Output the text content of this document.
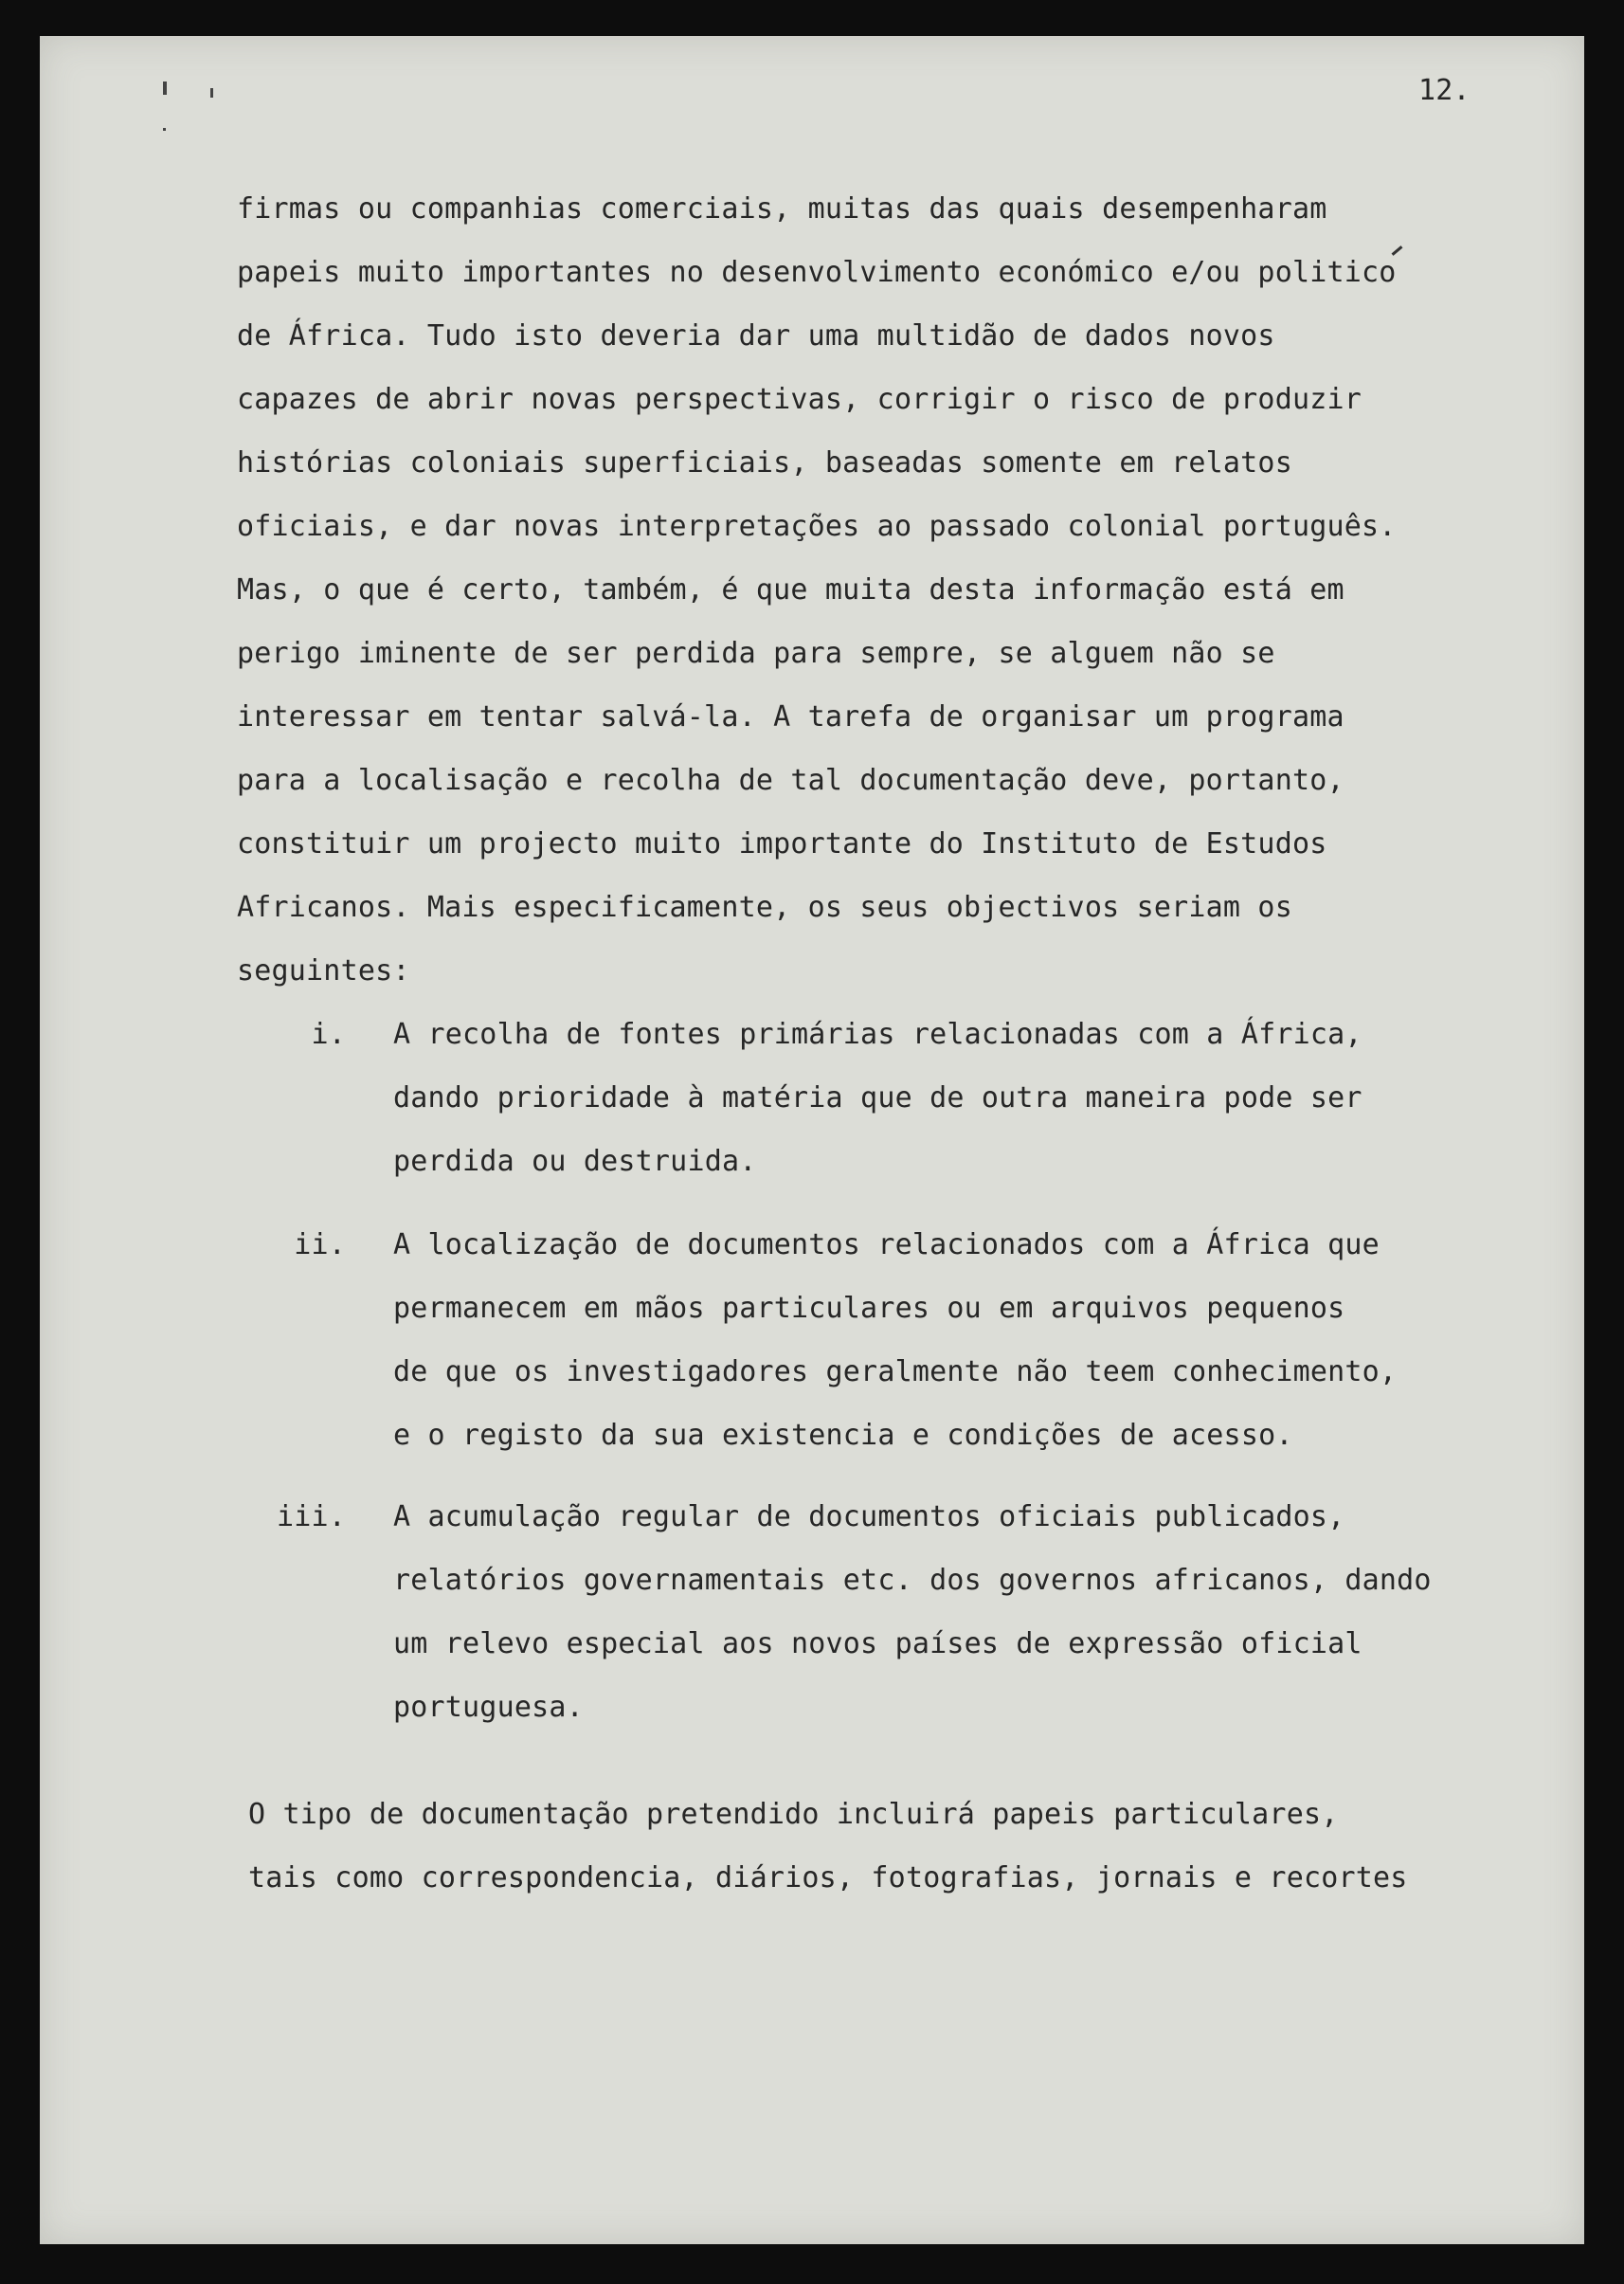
12.
firmas ou companhias comerciais, muitas das quais desempenharam
papeis muito importantes no desenvolvimento económico e/ou politico
de África. Tudo isto deveria dar uma multidão de dados novos
capazes de abrir novas perspectivas, corrigir o risco de produzir
histórias coloniais superficiais, baseadas somente em relatos
oficiais, e dar novas interpretações ao passado colonial português.
Mas, o que é certo, também, é que muita desta informação está em
perigo iminente de ser perdida para sempre, se alguem não se
interessar em tentar salvá-la. A tarefa de organisar um programa
para a localisação e recolha de tal documentação deve, portanto,
constituir um projecto muito importante do Instituto de Estudos
Africanos. Mais especificamente, os seus objectivos seriam os
seguintes:
i. A recolha de fontes primárias relacionadas com a África,
dando prioridade à matéria que de outra maneira pode ser
perdida ou destruida.
ii. A localização de documentos relacionados com a África que
permanecem em mãos particulares ou em arquivos pequenos
de que os investigadores geralmente não teem conhecimento,
e o registo da sua existencia e condições de acesso.
iii. A acumulação regular de documentos oficiais publicados,
relatórios governamentais etc. dos governos africanos, dando
um relevo especial aos novos países de expressão oficial
portuguesa.
O tipo de documentação pretendido incluirá papeis particulares,
tais como correspondencia, diários, fotografias, jornais e recortes
